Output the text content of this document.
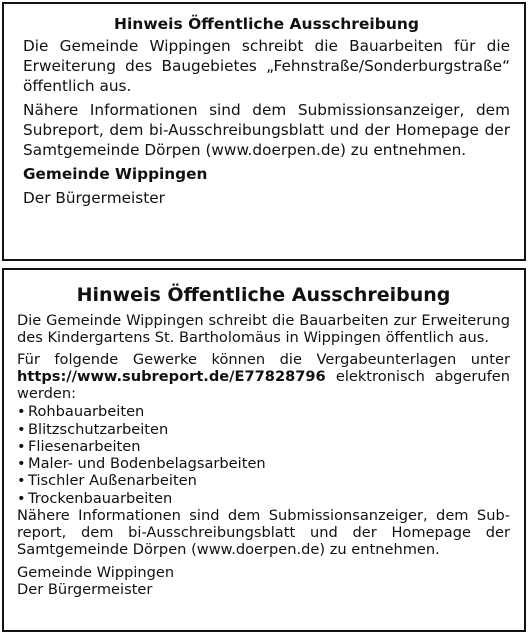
Hinweis Öffentliche Ausschreibung

Die Gemeinde Wippingen schreibt die Bauarbeiten für die Erweiterung des Baugebietes „Fehnstraße/Sonderburgstraße“ öffentlich aus.

Nähere Informationen sind dem Submissionsanzeiger, dem Subreport, dem bi-Ausschreibungsblatt und der Homepage der Samtgemeinde Dörpen (www.doerpen.de) zu entnehmen.

Gemeinde Wippingen

Der Bürgermeister

Hinweis Öffentliche Ausschreibung

Die Gemeinde Wippingen schreibt die Bauarbeiten zur Erweiterung des Kindergartens St. Bartholomäus in Wippingen öffentlich aus.

Für folgende Gewerke können die Vergabeunterlagen unter https://www.subreport.de/E77828796 elektronisch abgerufen werden:

• Rohbauarbeiten
• Blitzschutzarbeiten
• Fliesenarbeiten
• Maler- und Bodenbelagsarbeiten
• Tischler Außenarbeiten
• Trockenbauarbeiten

Nähere Informationen sind dem Submissionsanzeiger, dem Subreport, dem bi-Ausschreibungsblatt und der Homepage der Samtgemeinde Dörpen (www.doerpen.de) zu entnehmen.

Gemeinde Wippingen

Der Bürgermeister
